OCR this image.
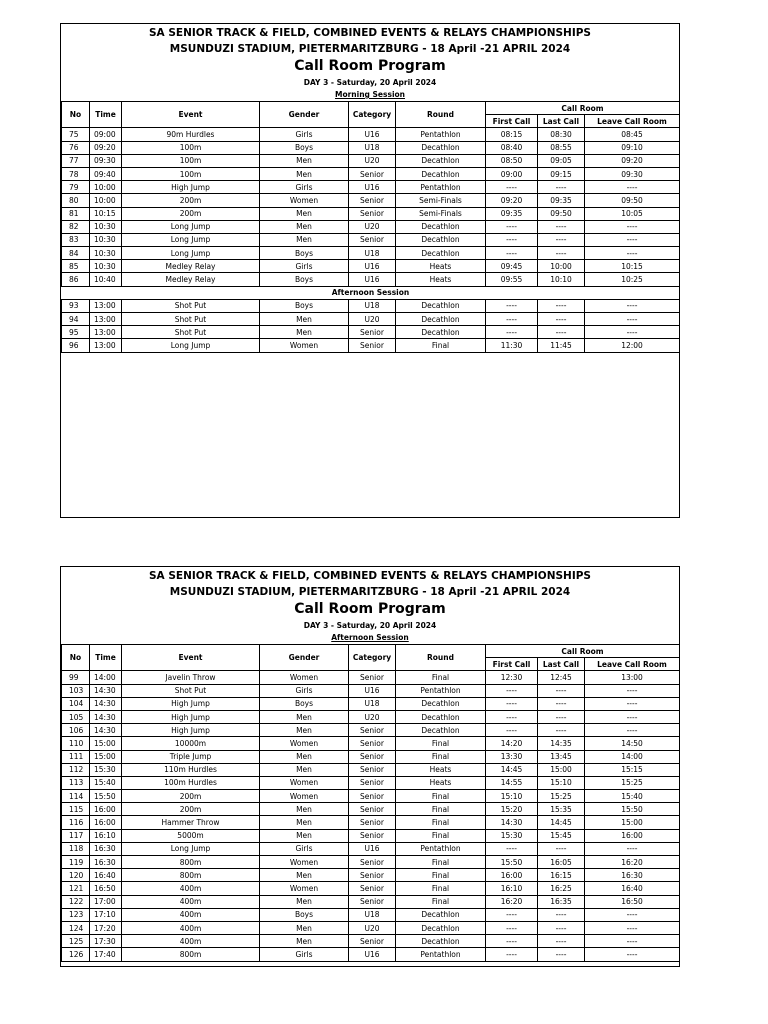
SA SENIOR TRACK & FIELD, COMBINED EVENTS & RELAYS CHAMPIONSHIPS
MSUNDUZI STADIUM, PIETERMARITZBURG - 18 April -21 APRIL 2024
Call Room Program
DAY 3 - Saturday, 20 April 2024
Morning Session
No	Time	Event	Gender	Category	Round	Call Room		
						First Call	Last Call	Leave Call Room
75	09:00	90m Hurdles	Girls	U16	Pentathlon	08:15	08:30	08:45
76	09:20	100m	Boys	U18	Decathlon	08:40	08:55	09:10
77	09:30	100m	Men	U20	Decathlon	08:50	09:05	09:20
78	09:40	100m	Men	Senior	Decathlon	09:00	09:15	09:30
79	10:00	High Jump	Girls	U16	Pentathlon	----	----	----
80	10:00	200m	Women	Senior	Semi-Finals	09:20	09:35	09:50
81	10:15	200m	Men	Senior	Semi-Finals	09:35	09:50	10:05
82	10:30	Long Jump	Men	U20	Decathlon	----	----	----
83	10:30	Long Jump	Men	Senior	Decathlon	----	----	----
84	10:30	Long Jump	Boys	U18	Decathlon	----	----	----
85	10:30	Medley Relay	Girls	U16	Heats	09:45	10:00	10:15
86	10:40	Medley Relay	Boys	U16	Heats	09:55	10:10	10:25
Afternoon Session								
93	13:00	Shot Put	Boys	U18	Decathlon	----	----	----
94	13:00	Shot Put	Men	U20	Decathlon	----	----	----
95	13:00	Shot Put	Men	Senior	Decathlon	----	----	----
96	13:00	Long Jump	Women	Senior	Final	11:30	11:45	12:00
SA SENIOR TRACK & FIELD, COMBINED EVENTS & RELAYS CHAMPIONSHIPS
MSUNDUZI STADIUM, PIETERMARITZBURG - 18 April -21 APRIL 2024
Call Room Program
DAY 3 - Saturday, 20 April 2024
Afternoon Session
No	Time	Event	Gender	Category	Round	Call Room		
						First Call	Last Call	Leave Call Room
99	14:00	Javelin Throw	Women	Senior	Final	12:30	12:45	13:00
103	14:30	Shot Put	Girls	U16	Pentathlon	----	----	----
104	14:30	High Jump	Boys	U18	Decathlon	----	----	----
105	14:30	High Jump	Men	U20	Decathlon	----	----	----
106	14:30	High Jump	Men	Senior	Decathlon	----	----	----
110	15:00	10000m	Women	Senior	Final	14:20	14:35	14:50
111	15:00	Triple Jump	Men	Senior	Final	13:30	13:45	14:00
112	15:30	110m Hurdles	Men	Senior	Heats	14:45	15:00	15:15
113	15:40	100m Hurdles	Women	Senior	Heats	14:55	15:10	15:25
114	15:50	200m	Women	Senior	Final	15:10	15:25	15:40
115	16:00	200m	Men	Senior	Final	15:20	15:35	15:50
116	16:00	Hammer Throw	Men	Senior	Final	14:30	14:45	15:00
117	16:10	5000m	Men	Senior	Final	15:30	15:45	16:00
118	16:30	Long Jump	Girls	U16	Pentathlon	----	----	----
119	16:30	800m	Women	Senior	Final	15:50	16:05	16:20
120	16:40	800m	Men	Senior	Final	16:00	16:15	16:30
121	16:50	400m	Women	Senior	Final	16:10	16:25	16:40
122	17:00	400m	Men	Senior	Final	16:20	16:35	16:50
123	17:10	400m	Boys	U18	Decathlon	----	----	----
124	17:20	400m	Men	U20	Decathlon	----	----	----
125	17:30	400m	Men	Senior	Decathlon	----	----	----
126	17:40	800m	Girls	U16	Pentathlon	----	----	----
